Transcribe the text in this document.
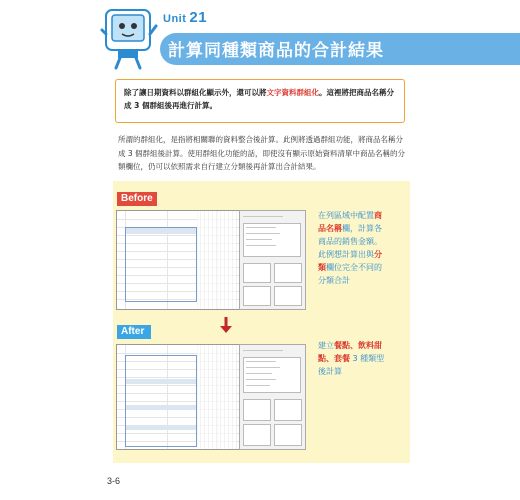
Unit 21
計算同種類商品的合計結果

除了讓日期資料以群組化顯示外，還可以將文字資料群組化。這裡將把商品名稱分成 3 個群組後再進行計算。

所謂的群組化，是指將相關聯的資料整合後計算。此例將透過群組功能，將商品名稱分成 3 個群組後計算。使用群組化功能的話，即使沒有顯示原始資料清單中商品名稱的分類欄位，仍可以依照需求自行建立分類後再計算出合計結果。
Before
在列區域中配置商品名稱欄，計算各商品的銷售金額。此例想計算出與分類欄位完全不同的分類合計
After
建立餐點、飲料甜點、套餐 3 種類型後計算
3-6
